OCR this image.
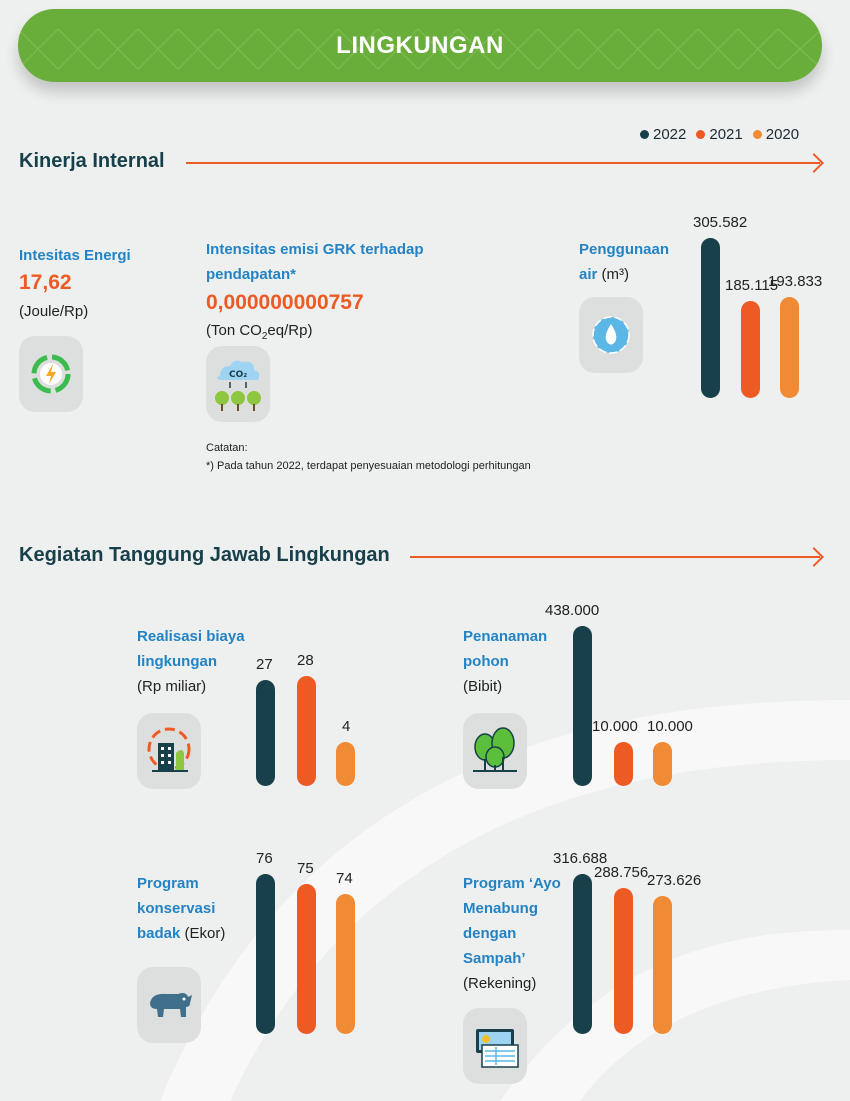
LINGKUNGAN
2022 2021 2020
Kinerja Internal
Intesitas Energi
17,62
(Joule/Rp)
Intensitas emisi GRK terhadap
pendapatan*
0,000000000757
(Ton $CO_2eq/Rp$)
CO₂
Catatan:
*) Pada tahun 2022, terdapat penyesuaian metodologi perhitungan
Penggunaan
air (m³)
Kegiatan Tanggung Jawab Lingkungan
Realisasi biaya
lingkungan
(Rp miliar)
Penanaman
pohon
(Bibit)
Program
konservasi
badak (Ekor)
Program ‘Ayo
Menabung
dengan
Sampah’
(Rekening)
305.582
185.115
193.833
27 28
4
438.000
10.000 10.000
76
75
74
316.688
288.756
273.626
